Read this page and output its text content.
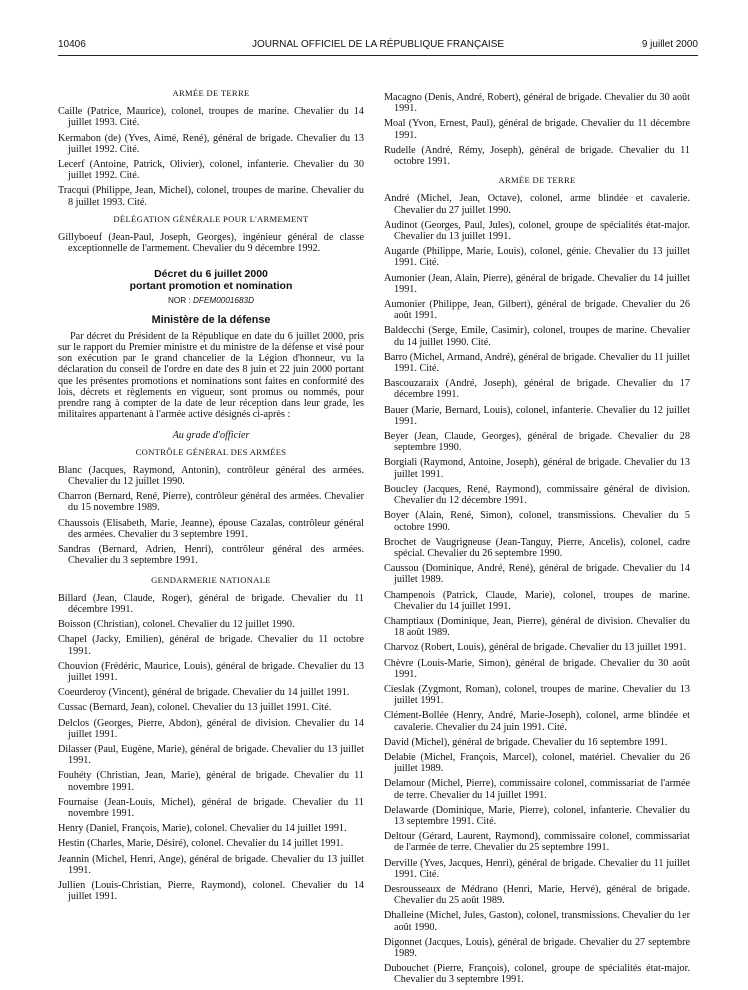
10406	JOURNAL OFFICIEL DE LA RÉPUBLIQUE FRANÇAISE	9 juillet 2000
ARMÉE DE TERRE
Caille (Patrice, Maurice), colonel, troupes de marine. Chevalier du 14 juillet 1993. Cité.
Kermabon (de) (Yves, Aimé, René), général de brigade. Chevalier du 13 juillet 1992. Cité.
Lecerf (Antoine, Patrick, Olivier), colonel, infanterie. Chevalier du 30 juillet 1992. Cité.
Tracqui (Philippe, Jean, Michel), colonel, troupes de marine. Chevalier du 8 juillet 1993. Cité.
DÉLÉGATION GÉNÉRALE POUR L'ARMEMENT
Gillyboeuf (Jean-Paul, Joseph, Georges), ingénieur général de classe exceptionnelle de l'armement. Chevalier du 9 décembre 1992.
Décret du 6 juillet 2000
portant promotion et nomination
NOR : DFEM0001683D
Ministère de la défense
Par décret du Président de la République en date du 6 juillet 2000, pris sur le rapport du Premier ministre et du ministre de la défense et visé pour son exécution par le grand chancelier de la Légion d'honneur, vu la déclaration du conseil de l'ordre en date des 8 juin et 22 juin 2000 portant que les présentes promotions et nominations sont faites en conformité des lois, décrets et règlements en vigueur, sont promus ou nommés, pour prendre rang à compter de la date de leur réception dans leur grade, les militaires appartenant à l'armée active désignés ci-après :
Au grade d'officier
CONTRÔLE GÉNÉRAL DES ARMÉES
Blanc (Jacques, Raymond, Antonin), contrôleur général des armées. Chevalier du 12 juillet 1990.
Charron (Bernard, René, Pierre), contrôleur général des armées. Chevalier du 15 novembre 1989.
Chaussois (Elisabeth, Marie, Jeanne), épouse Cazalas, contrôleur général des armées. Chevalier du 3 septembre 1991.
Sandras (Bernard, Adrien, Henri), contrôleur général des armées. Chevalier du 3 septembre 1991.
GENDARMERIE NATIONALE
Billard (Jean, Claude, Roger), général de brigade. Chevalier du 11 décembre 1991.
Boisson (Christian), colonel. Chevalier du 12 juillet 1990.
Chapel (Jacky, Emilien), général de brigade. Chevalier du 11 octobre 1991.
Chouvion (Frédéric, Maurice, Louis), général de brigade. Chevalier du 13 juillet 1991.
Coeurderoy (Vincent), général de brigade. Chevalier du 14 juillet 1991.
Cussac (Bernard, Jean), colonel. Chevalier du 13 juillet 1991. Cité.
Delclos (Georges, Pierre, Abdon), général de division. Chevalier du 14 juillet 1991.
Dilasser (Paul, Eugène, Marie), général de brigade. Chevalier du 13 juillet 1991.
Fouhéty (Christian, Jean, Marie), général de brigade. Chevalier du 11 novembre 1991.
Fournaise (Jean-Louis, Michel), général de brigade. Chevalier du 11 novembre 1991.
Henry (Daniel, François, Marie), colonel. Chevalier du 14 juillet 1991.
Hestin (Charles, Marie, Désiré), colonel. Chevalier du 14 juillet 1991.
Jeannin (Michel, Henri, Ange), général de brigade. Chevalier du 13 juillet 1991.
Jullien (Louis-Christian, Pierre, Raymond), colonel. Chevalier du 14 juillet 1991.
Macagno (Denis, André, Robert), général de brigade. Chevalier du 30 août 1991.
Moal (Yvon, Ernest, Paul), général de brigade. Chevalier du 11 décembre 1991.
Rudelle (André, Rémy, Joseph), général de brigade. Chevalier du 11 octobre 1991.
ARMÉE DE TERRE
André (Michel, Jean, Octave), colonel, arme blindée et cavalerie. Chevalier du 27 juillet 1990.
Audinot (Georges, Paul, Jules), colonel, groupe de spécialités état-major. Chevalier du 13 juillet 1991.
Augarde (Philippe, Marie, Louis), colonel, génie. Chevalier du 13 juillet 1991. Cité.
Aumonier (Jean, Alain, Pierre), général de brigade. Chevalier du 14 juillet 1991.
Aumonier (Philippe, Jean, Gilbert), général de brigade. Chevalier du 26 août 1991.
Baldecchi (Serge, Emile, Casimir), colonel, troupes de marine. Chevalier du 14 juillet 1990. Cité.
Barro (Michel, Armand, André), général de brigade. Chevalier du 11 juillet 1991. Cité.
Bascouzaraix (André, Joseph), général de brigade. Chevalier du 17 décembre 1991.
Bauer (Marie, Bernard, Louis), colonel, infanterie. Chevalier du 12 juillet 1991.
Beyer (Jean, Claude, Georges), général de brigade. Chevalier du 28 septembre 1990.
Borgiali (Raymond, Antoine, Joseph), général de brigade. Chevalier du 13 juillet 1991.
Boucley (Jacques, René, Raymond), commissaire général de division. Chevalier du 12 décembre 1991.
Boyer (Alain, René, Simon), colonel, transmissions. Chevalier du 5 octobre 1990.
Brochet de Vaugrigneuse (Jean-Tanguy, Pierre, Ancelis), colonel, cadre spécial. Chevalier du 26 septembre 1990.
Caussou (Dominique, André, René), général de brigade. Chevalier du 14 juillet 1989.
Champenois (Patrick, Claude, Marie), colonel, troupes de marine. Chevalier du 14 juillet 1991.
Champtiaux (Dominique, Jean, Pierre), général de division. Chevalier du 18 août 1989.
Charvoz (Robert, Louis), général de brigade. Chevalier du 13 juillet 1991.
Chèvre (Louis-Marie, Simon), général de brigade. Chevalier du 30 août 1991.
Cieslak (Zygmont, Roman), colonel, troupes de marine. Chevalier du 13 juillet 1991.
Clément-Bollée (Henry, André, Marie-Joseph), colonel, arme blindée et cavalerie. Chevalier du 24 juin 1991. Cité.
David (Michel), général de brigade. Chevalier du 16 septembre 1991.
Delabie (Michel, François, Marcel), colonel, matériel. Chevalier du 26 juillet 1989.
Delamour (Michel, Pierre), commissaire colonel, commissariat de l'armée de terre. Chevalier du 14 juillet 1991.
Delawarde (Dominique, Marie, Pierre), colonel, infanterie. Chevalier du 13 septembre 1991. Cité.
Deltour (Gérard, Laurent, Raymond), commissaire colonel, commissariat de l'armée de terre. Chevalier du 25 septembre 1991.
Derville (Yves, Jacques, Henri), général de brigade. Chevalier du 11 juillet 1991. Cité.
Desrousseaux de Médrano (Henri, Marie, Hervé), général de brigade. Chevalier du 25 août 1989.
Dhalleine (Michel, Jules, Gaston), colonel, transmissions. Chevalier du 1er août 1990.
Digonnet (Jacques, Louis), général de brigade. Chevalier du 27 septembre 1989.
Dubouchet (Pierre, François), colonel, groupe de spécialités état-major. Chevalier du 3 septembre 1991.
